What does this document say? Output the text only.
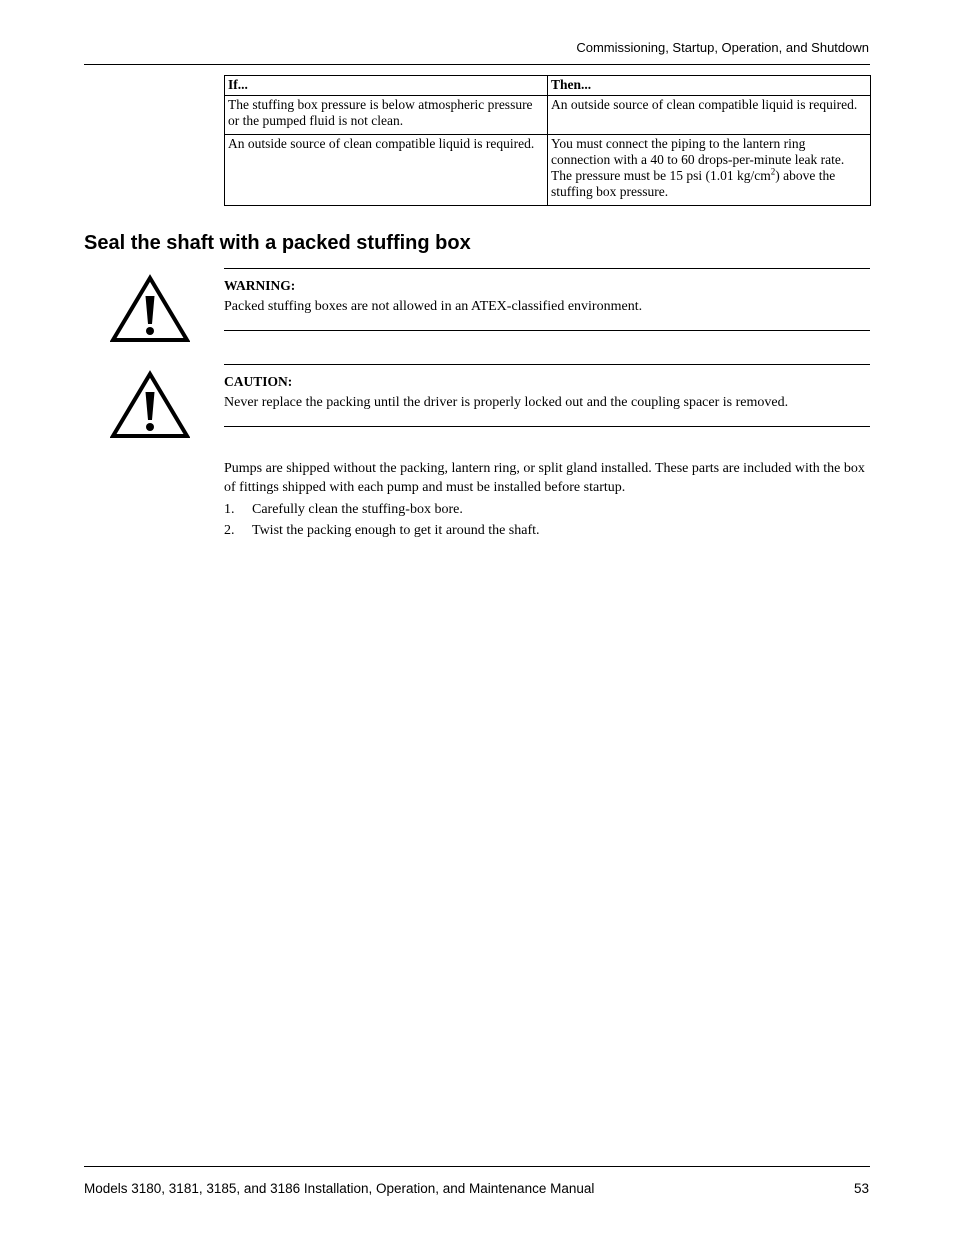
Commissioning, Startup, Operation, and Shutdown
If...	Then...
The stuffing box pressure is below atmospheric pressure or the pumped fluid is not clean.	An outside source of clean compatible liquid is required.
An outside source of clean compatible liquid is required.	You must connect the piping to the lantern ring connection with a 40 to 60 drops-per-minute leak rate. The pressure must be 15 psi (1.01 $kg/cm^2$) above the stuffing box pressure.
Seal the shaft with a packed stuffing box
WARNING:
Packed stuffing boxes are not allowed in an ATEX-classified environment.
CAUTION:
Never replace the packing until the driver is properly locked out and the coupling spacer is removed.

Pumps are shipped without the packing, lantern ring, or split gland installed. These parts are included with the box of fittings shipped with each pump and must be installed before startup.

1. Carefully clean the stuffing-box bore.
2. Twist the packing enough to get it around the shaft.
Models 3180, 3181, 3185, and 3186 Installation, Operation, and Maintenance Manual	53
